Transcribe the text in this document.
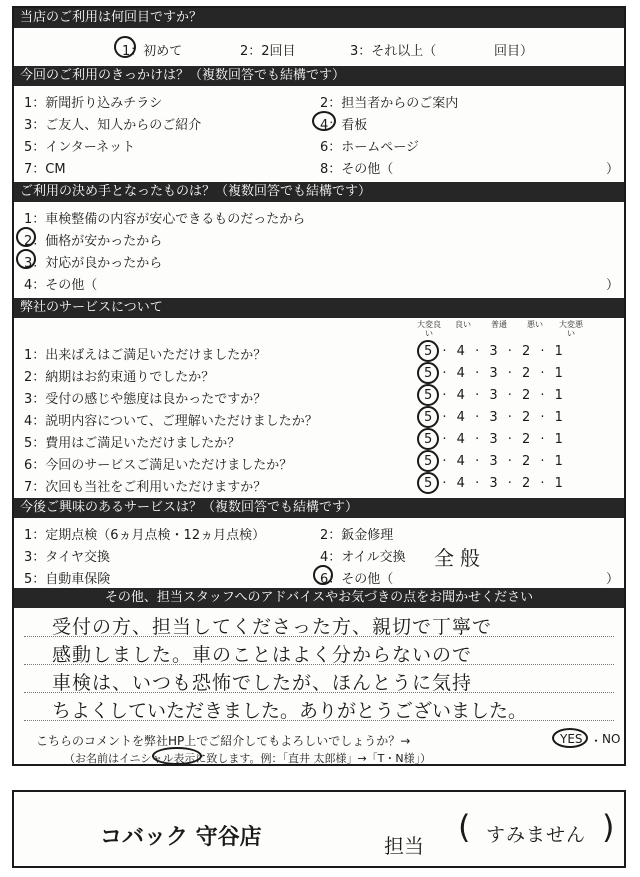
当店のご利用は何回目ですか？
1：初めて	2：2回目	3：それ以上（	回目）
今回のご利用のきっかけは？（複数回答でも結構です）
1：新聞折り込みチラシ	2：担当者からのご案内
3：ご友人、知人からのご紹介	4：看板
5：インターネット	6：ホームページ
7：CM	8：その他（	）
ご利用の決め手となったものは？（複数回答でも結構です）
1：車検整備の内容が安心できるものだったから
2：価格が安かったから
3：対応が良かったから
4：その他（	）
弊社のサービスについて
大変良い
良い	普通	悪い	大変悪い
1：出来ばえはご満足いただけましたか？	5 · 4 · 3 · 2 · 1
2：納期はお約束通りでしたか？	5 · 4 · 3 · 2 · 1
3：受付の感じや態度は良かったですか？	5 · 4 · 3 · 2 · 1
4：説明内容について、ご理解いただけましたか？	5 · 4 · 3 · 2 · 1
5：費用はご満足いただけましたか？	5 · 4 · 3 · 2 · 1
6：今回のサービスご満足いただけましたか？	5 · 4 · 3 · 2 · 1
7：次回も当社をご利用いただけますか？	5 · 4 · 3 · 2 · 1
今後ご興味のあるサービスは？（複数回答でも結構です）
1：定期点検（6ヵ月点検・12ヵ月点検）	2：鈑金修理
3：タイヤ交換	4：オイル交換
5：自動車保険	6：その他（
全般
）
その他、担当スタッフへのアドバイスやお気づきの点をお聞かせください
受付の方、担当してくださった方、親切で丁寧で
感動しました。車のことはよく分からないので
車検は、いつも恐怖でしたが、ほんとうに気持
ちよくしていただきました。ありがとうございました。
こちらのコメントを弊社HP上でご紹介してもよろしいでしょうか？→	YES ・ NO
（お名前はイニシャル表示に致します。例：「直井 太郎様」→「T・N様」）
コバック 守谷店	担当 ( すみません )
